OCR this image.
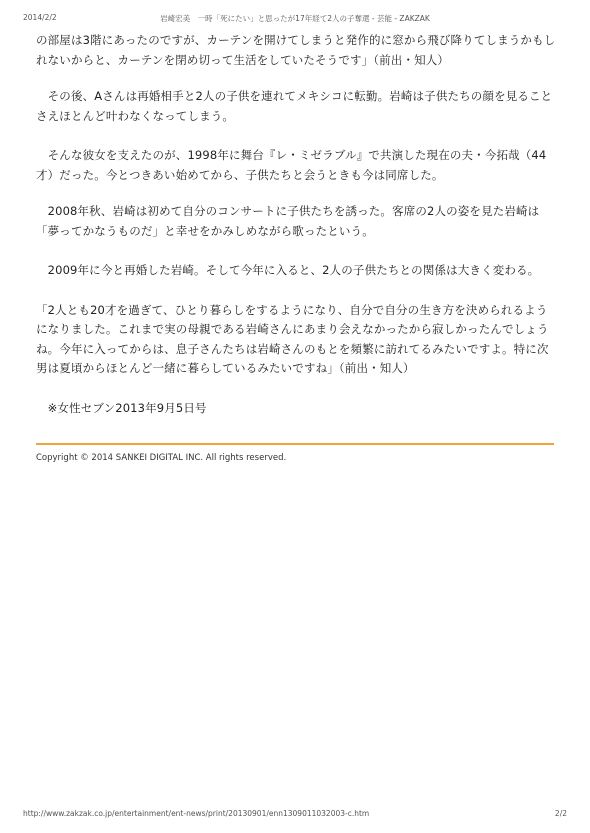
2014/2/2	岩崎宏美　一時「死にたい」と思ったが17年経て2人の子奪還 - 芸能 - ZAKZAK

の部屋は3階にあったのですが、カーテンを開けてしまうと発作的に窓から飛び降りてしまうかもしれないからと、カーテンを閉め切って生活をしていたそうです」（前出・知人）

　その後、Aさんは再婚相手と2人の子供を連れてメキシコに転勤。岩崎は子供たちの顔を見ることさえほとんど叶わなくなってしまう。

　そんな彼女を支えたのが、1998年に舞台『レ・ミゼラブル』で共演した現在の夫・今拓哉（44才）だった。今とつきあい始めてから、子供たちと会うときも今は同席した。

　2008年秋、岩崎は初めて自分のコンサートに子供たちを誘った。客席の2人の姿を見た岩崎は「夢ってかなうものだ」と幸せをかみしめながら歌ったという。

　2009年に今と再婚した岩崎。そして今年に入ると、2人の子供たちとの関係は大きく変わる。

「2人とも20才を過ぎて、ひとり暮らしをするようになり、自分で自分の生き方を決められるようになりました。これまで実の母親である岩崎さんにあまり会えなかったから寂しかったんでしょうね。今年に入ってからは、息子さんたちは岩崎さんのもとを頻繁に訪れてるみたいですよ。特に次男は夏頃からほとんど一緒に暮らしているみたいですね」（前出・知人）

　※女性セブン2013年9月5日号

Copyright © 2014 SANKEI DIGITAL INC. All rights reserved.
http://www.zakzak.co.jp/entertainment/ent-news/print/20130901/enn1309011032003-c.htm	2/2
